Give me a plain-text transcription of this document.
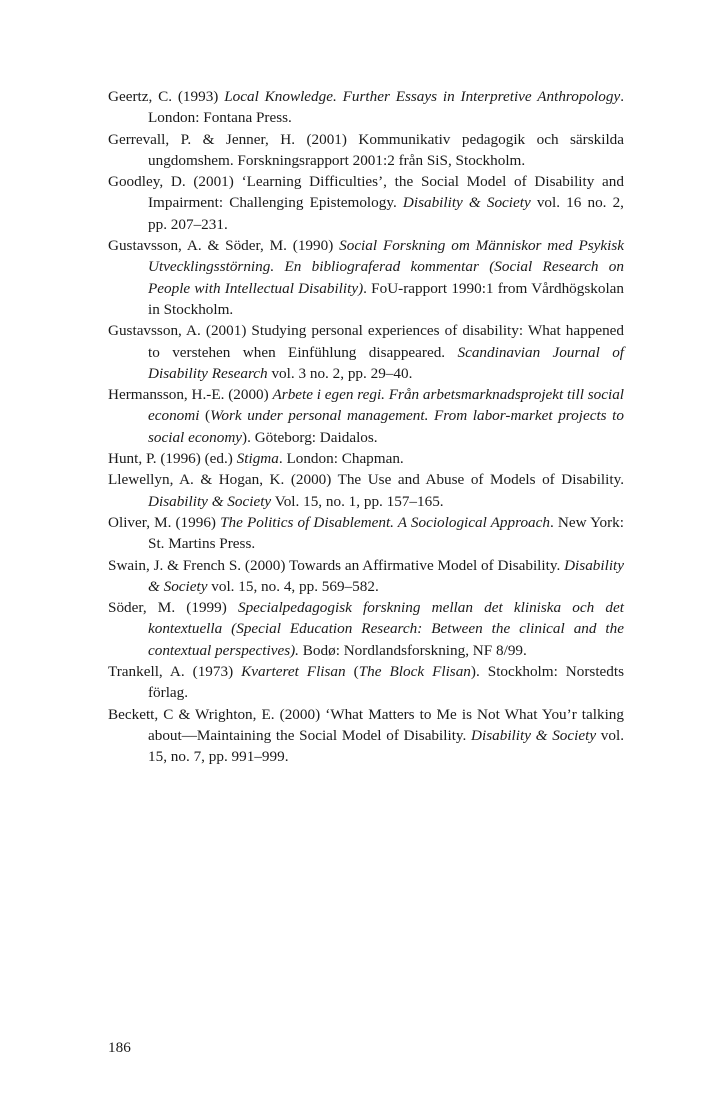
Geertz, C. (1993) Local Knowledge. Further Essays in Interpretive Anthropology. London: Fontana Press.

Gerrevall, P. & Jenner, H. (2001) Kommunikativ pedagogik och särskilda ungdomshem. Forskningsrapport 2001:2 från SiS, Stockholm.

Goodley, D. (2001) ‘Learning Difficulties’, the Social Model of Disability and Impairment: Challenging Epistemology. Disability & Society vol. 16 no. 2, pp. 207–231.

Gustavsson, A. & Söder, M. (1990) Social Forskning om Människor med Psykisk Utvecklingsstörning. En bibliograferad kommentar (Social Research on People with Intellectual Disability). FoU-rapport 1990:1 from Vårdhögskolan in Stockholm.

Gustavsson, A. (2001) Studying personal experiences of disability: What happened to verstehen when Einfühlung disappeared. Scandinavian Journal of Disability Research vol. 3 no. 2, pp. 29–40.

Hermansson, H.-E. (2000) Arbete i egen regi. Från arbetsmarknadsprojekt till social economi (Work under personal management. From labor-market projects to social economy). Göteborg: Daidalos.

Hunt, P. (1996) (ed.) Stigma. London: Chapman.

Llewellyn, A. & Hogan, K. (2000) The Use and Abuse of Models of Disability. Disability & Society Vol. 15, no. 1, pp. 157–165.

Oliver, M. (1996) The Politics of Disablement. A Sociological Approach. New York: St. Martins Press.

Swain, J. & French S. (2000) Towards an Affirmative Model of Disability. Disability & Society vol. 15, no. 4, pp. 569–582.

Söder, M. (1999) Specialpedagogisk forskning mellan det kliniska och det kontextuella (Special Education Research: Between the clinical and the contextual perspectives). Bodø: Nordlandsforskning, NF 8/99.

Trankell, A. (1973) Kvarteret Flisan (The Block Flisan). Stockholm: Norstedts förlag.

Beckett, C & Wrighton, E. (2000) ‘What Matters to Me is Not What You’r talking about—Maintaining the Social Model of Disability. Disability & Society vol. 15, no. 7, pp. 991–999.

186
